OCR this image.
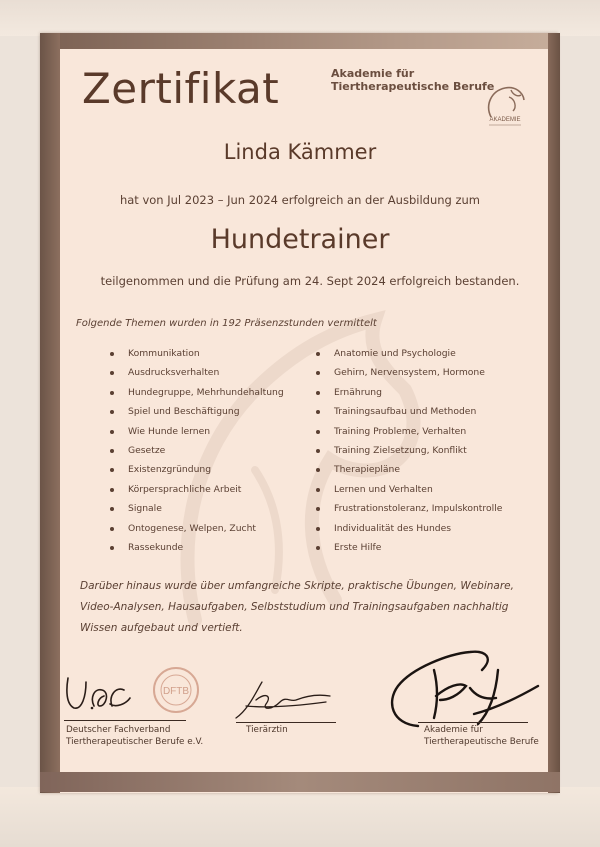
Zertifikat	Akademie für Tiertherapeutische Berufe
AKADEMIE
Linda Kämmer
hat von Jul 2023 – Jun 2024 erfolgreich an der Ausbildung zum
Hundetrainer
teilgenommen und die Prüfung am 24. Sept 2024 erfolgreich bestanden.
Folgende Themen wurden in 192 Präsenzstunden vermittelt
Kommunikation
Ausdrucksverhalten
Hundegruppe, Mehrhundehaltung
Spiel und Beschäftigung
Wie Hunde lernen
Gesetze
Existenzgründung
Körpersprachliche Arbeit
Signale
Ontogenese, Welpen, Zucht
Rassekunde
Anatomie und Psychologie
Gehirn, Nervensystem, Hormone
Ernährung
Trainingsaufbau und Methoden
Training Probleme, Verhalten
Training Zielsetzung, Konflikt
Therapiepläne
Lernen und Verhalten
Frustrationstoleranz, Impulskontrolle
Individualität des Hundes
Erste Hilfe
Darüber hinaus wurde über umfangreiche Skripte, praktische Übungen, Webinare, Video-Analysen, Hausaufgaben, Selbststudium und Trainingsaufgaben nachhaltig Wissen aufgebaut und vertieft.
DFTB
Deutscher Fachverband
Tiertherapeutischer Berufe e.V.
Tierärztin	Akademie für
Tiertherapeutische Berufe
